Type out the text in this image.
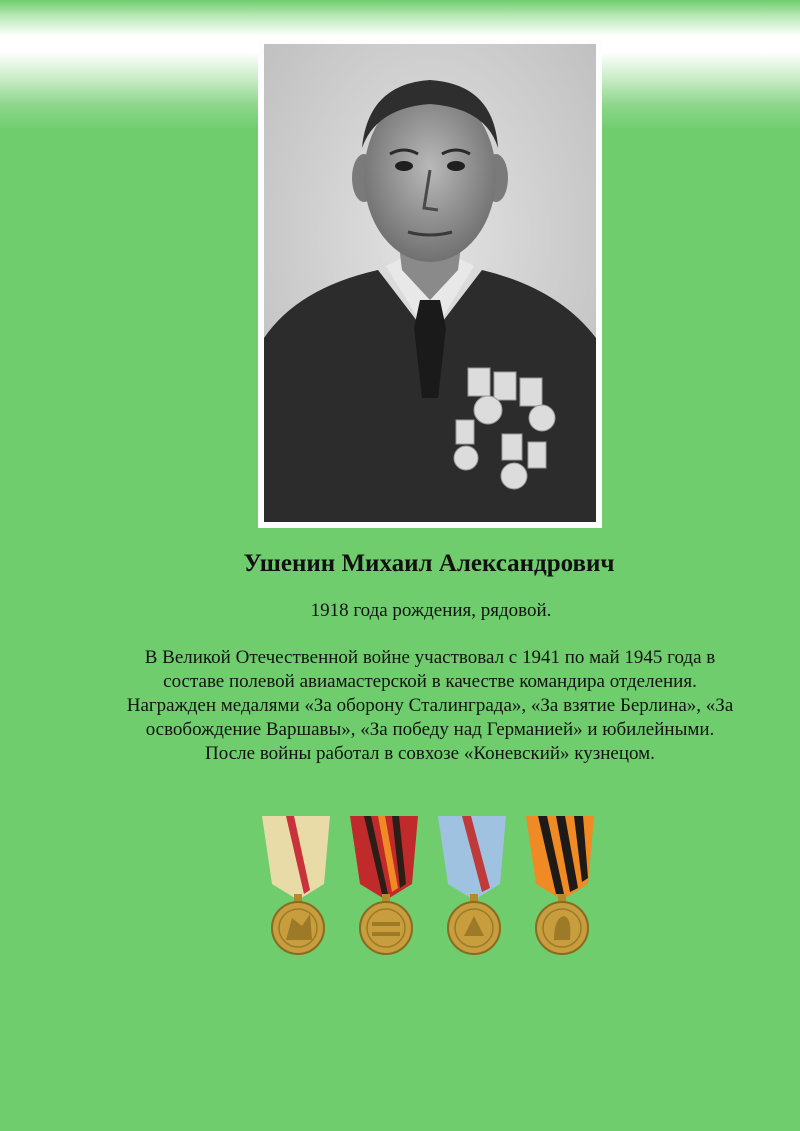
Ушенин Михаил Александрович
1918 года рождения, рядовой.
В Великой Отечественной войне участвовал с 1941 по май 1945 года в составе полевой авиамастерской в качестве командира отделения. Награжден медалями «За оборону Сталинграда», «За взятие Берлина», «За освобождение Варшавы», «За победу над Германией» и юбилейными. После войны работал в совхозе «Коневский» кузнецом.
